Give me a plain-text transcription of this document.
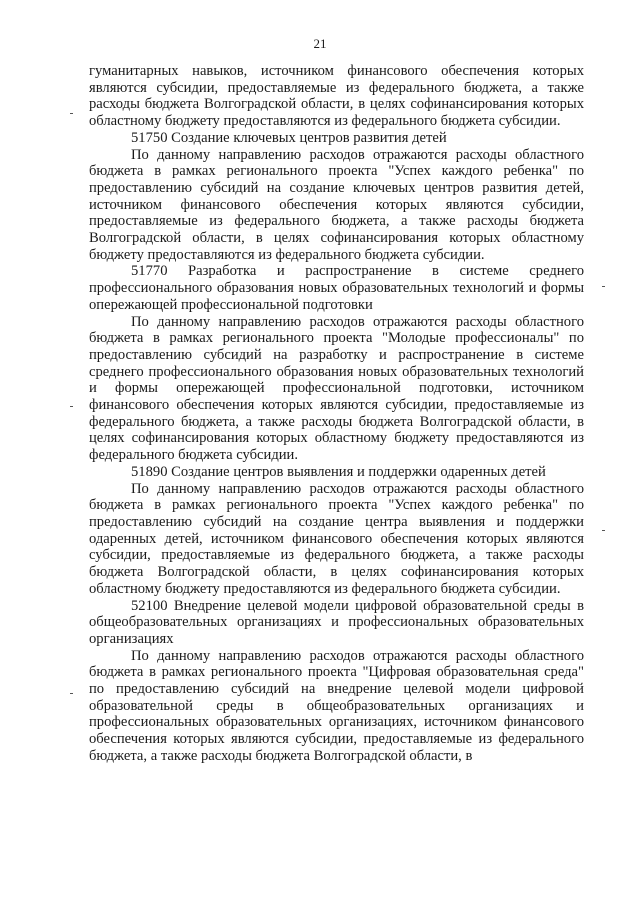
21

гуманитарных навыков, источником финансового обеспечения которых являются субсидии, предоставляемые из федерального бюджета, а также расходы бюджета Волгоградской области, в целях софинансирования которых областному бюджету предоставляются из федерального бюджета субсидии.

51750 Создание ключевых центров развития детей

По данному направлению расходов отражаются расходы областного бюджета в рамках регионального проекта "Успех каждого ребенка" по предоставлению субсидий на создание ключевых центров развития детей, источником финансового обеспечения которых являются субсидии, предоставляемые из федерального бюджета, а также расходы бюджета Волгоградской области, в целях софинансирования которых областному бюджету предоставляются из федерального бюджета субсидии.

51770 Разработка и распространение в системе среднего профессионального образования новых образовательных технологий и формы опережающей профессиональной подготовки

По данному направлению расходов отражаются расходы областного бюджета в рамках регионального проекта "Молодые профессионалы" по предоставлению субсидий на разработку и распространение в системе среднего профессионального образования новых образовательных технологий и формы опережающей профессиональной подготовки, источником финансового обеспечения которых являются субсидии, предоставляемые из федерального бюджета, а также расходы бюджета Волгоградской области, в целях софинансирования которых областному бюджету предоставляются из федерального бюджета субсидии.

51890 Создание центров выявления и поддержки одаренных детей

По данному направлению расходов отражаются расходы областного бюджета в рамках регионального проекта "Успех каждого ребенка" по предоставлению субсидий на создание центра выявления и поддержки одаренных детей, источником финансового обеспечения которых являются субсидии, предоставляемые из федерального бюджета, а также расходы бюджета Волгоградской области, в целях софинансирования которых областному бюджету предоставляются из федерального бюджета субсидии.

52100 Внедрение целевой модели цифровой образовательной среды в общеобразовательных организациях и профессиональных образовательных организациях

По данному направлению расходов отражаются расходы областного бюджета в рамках регионального проекта "Цифровая образовательная среда" по предоставлению субсидий на внедрение целевой модели цифровой образовательной среды в общеобразовательных организациях и профессиональных образовательных организациях, источником финансового обеспечения которых являются субсидии, предоставляемые из федерального бюджета, а также расходы бюджета Волгоградской области, в
